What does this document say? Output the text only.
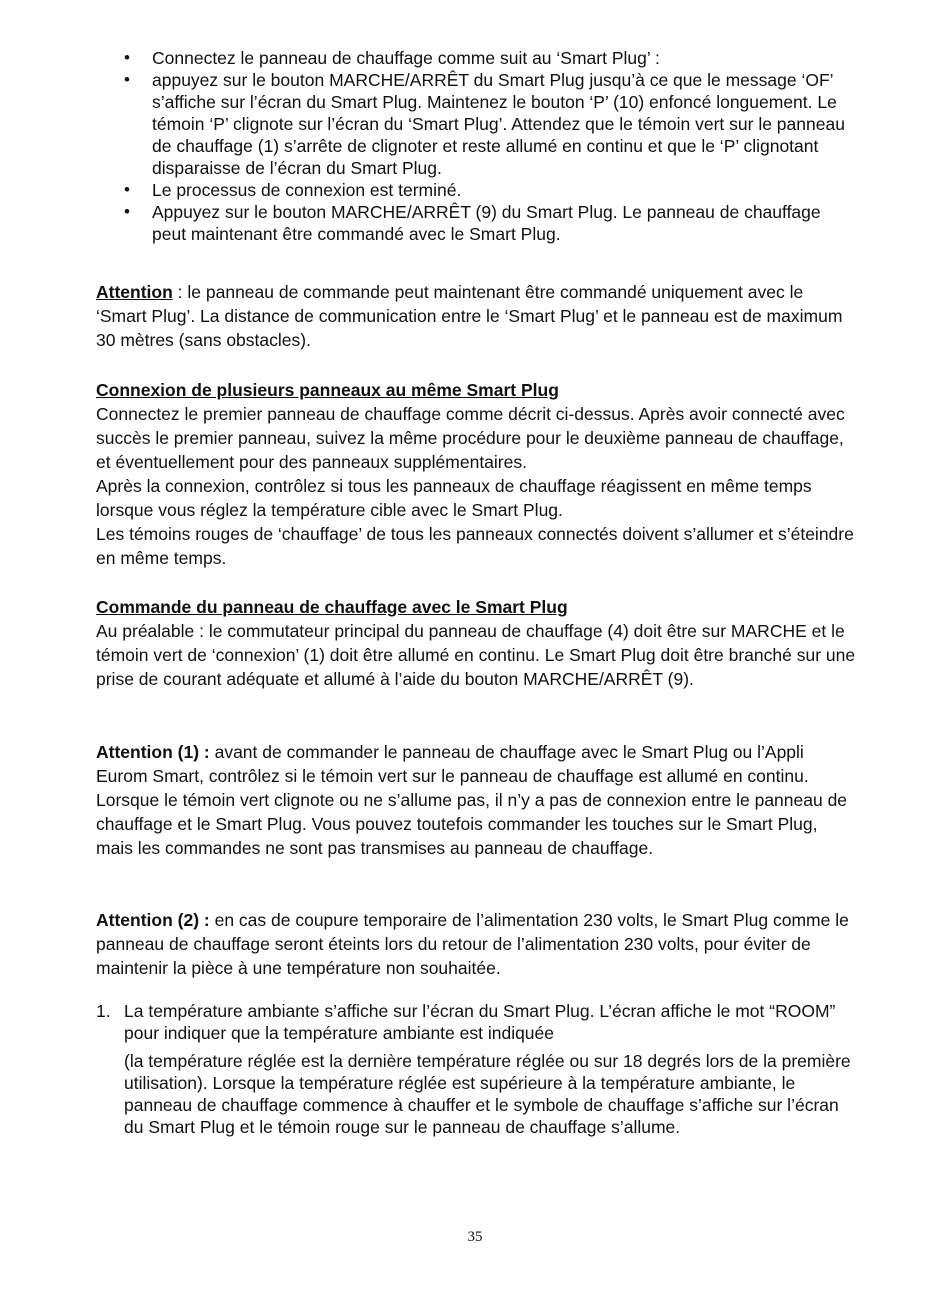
• Connectez le panneau de chauffage comme suit au ‘Smart Plug’ :
• appuyez sur le bouton MARCHE/ARRÊT du Smart Plug jusqu’à ce que le message ‘OF’ s’affiche sur l’écran du Smart Plug. Maintenez le bouton ‘P’ (10) enfoncé longuement. Le témoin ‘P’ clignote sur l’écran du ‘Smart Plug’. Attendez que le témoin vert sur le panneau de chauffage (1) s’arrête de clignoter et reste allumé en continu et que le ‘P’ clignotant disparaisse de l’écran du Smart Plug.
• Le processus de connexion est terminé.
• Appuyez sur le bouton MARCHE/ARRÊT (9) du Smart Plug. Le panneau de chauffage peut maintenant être commandé avec le Smart Plug.

Attention : le panneau de commande peut maintenant être commandé uniquement avec le ‘Smart Plug’. La distance de communication entre le ‘Smart Plug’ et le panneau est de maximum 30 mètres (sans obstacles).

Connexion de plusieurs panneaux au même Smart Plug
Connectez le premier panneau de chauffage comme décrit ci-dessus. Après avoir connecté avec succès le premier panneau, suivez la même procédure pour le deuxième panneau de chauffage, et éventuellement pour des panneaux supplémentaires.
Après la connexion, contrôlez si tous les panneaux de chauffage réagissent en même temps lorsque vous réglez la température cible avec le Smart Plug.
Les témoins rouges de ‘chauffage’ de tous les panneaux connectés doivent s’allumer et s’éteindre en même temps.
Commande du panneau de chauffage avec le Smart Plug
Au préalable : le commutateur principal du panneau de chauffage (4) doit être sur MARCHE et le témoin vert de ‘connexion’ (1) doit être allumé en continu. Le Smart Plug doit être branché sur une prise de courant adéquate et allumé à l’aide du bouton MARCHE/ARRÊT (9).

Attention (1) : avant de commander le panneau de chauffage avec le Smart Plug ou l’Appli Eurom Smart, contrôlez si le témoin vert sur le panneau de chauffage est allumé en continu. Lorsque le témoin vert clignote ou ne s’allume pas, il n’y a pas de connexion entre le panneau de chauffage et le Smart Plug. Vous pouvez toutefois commander les touches sur le Smart Plug, mais les commandes ne sont pas transmises au panneau de chauffage.

Attention (2) : en cas de coupure temporaire de l’alimentation 230 volts, le Smart Plug comme le panneau de chauffage seront éteints lors du retour de l’alimentation 230 volts, pour éviter de maintenir la pièce à une température non souhaitée.

1. La température ambiante s’affiche sur l’écran du Smart Plug. L’écran affiche le mot “ROOM” pour indiquer que la température ambiante est indiquée

(la température réglée est la dernière température réglée ou sur 18 degrés lors de la première utilisation). Lorsque la température réglée est supérieure à la température ambiante, le panneau de chauffage commence à chauffer et le symbole de chauffage s’affiche sur l’écran du Smart Plug et le témoin rouge sur le panneau de chauffage s’allume.

35
